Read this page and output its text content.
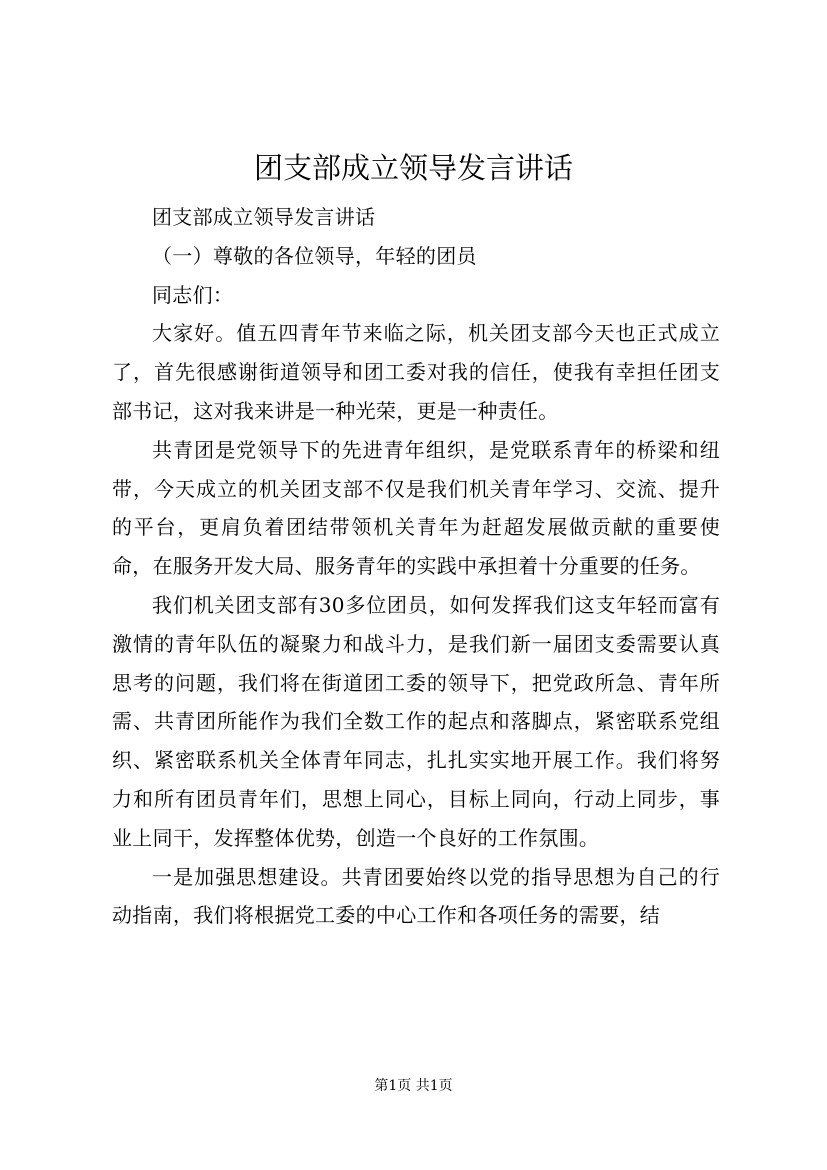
团支部成立领导发言讲话

团支部成立领导发言讲话

（一）尊敬的各位领导，年轻的团员

同志们：

大家好。值五四青年节来临之际，机关团支部今天也正式成立了，首先很感谢街道领导和团工委对我的信任，使我有幸担任团支部书记，这对我来讲是一种光荣，更是一种责任。

共青团是党领导下的先进青年组织，是党联系青年的桥梁和纽带，今天成立的机关团支部不仅是我们机关青年学习、交流、提升的平台，更肩负着团结带领机关青年为赶超发展做贡献的重要使命，在服务开发大局、服务青年的实践中承担着十分重要的任务。

我们机关团支部有30多位团员，如何发挥我们这支年轻而富有激情的青年队伍的凝聚力和战斗力，是我们新一届团支委需要认真思考的问题，我们将在街道团工委的领导下，把党政所急、青年所需、共青团所能作为我们全数工作的起点和落脚点，紧密联系党组织、紧密联系机关全体青年同志，扎扎实实地开展工作。我们将努力和所有团员青年们，思想上同心，目标上同向，行动上同步，事业上同干，发挥整体优势，创造一个良好的工作氛围。

一是加强思想建设。共青团要始终以党的指导思想为自己的行动指南，我们将根据党工委的中心工作和各项任务的需要，结

第1页 共1页
